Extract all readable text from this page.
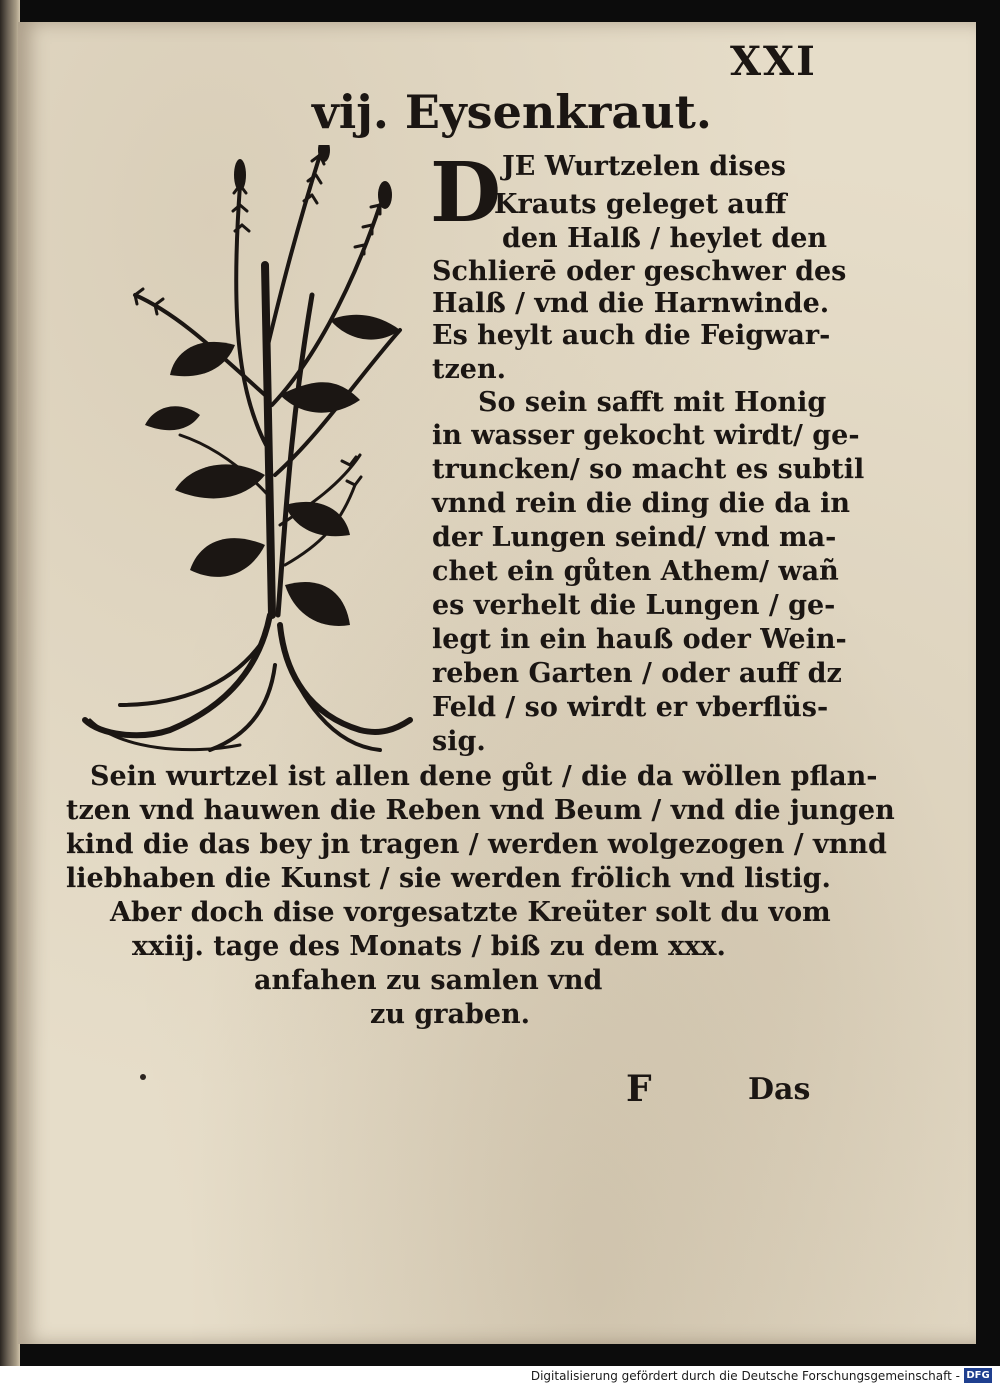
XXI
vij. Eysenkraut.
D JE Wurtzelen dises
Krauts geleget auff
den Halß / heylet den
Schlierē oder geschwer des
Halß / vnd die Harnwinde.
Es heylt auch die Feigwar-
tzen.
So sein safft mit Honig
in wasser gekocht wirdt/ ge-
truncken/ so macht es subtil
vnnd rein die ding die da in
der Lungen seind/ vnd ma-
chet ein gůten Athem/ wañ
es verhelt die Lungen / ge-
legt in ein hauß oder Wein-
reben Garten / oder auff dz
Feld / so wirdt er vberflüs-
sig.
Sein wurtzel ist allen dene gůt / die da wöllen pflan-
tzen vnd hauwen die Reben vnd Beum / vnd die jungen
kind die das bey jn tragen / werden wolgezogen / vnnd
liebhaben die Kunst / sie werden frölich vnd listig.
Aber doch dise vorgesatzte Kreüter solt du vom
xxiij. tage des Monats / biß zu dem xxx.
anfahen zu samlen vnd
zu graben.
F	Das
Digitalisierung gefördert durch die Deutsche Forschungsgemeinschaft - DFG
